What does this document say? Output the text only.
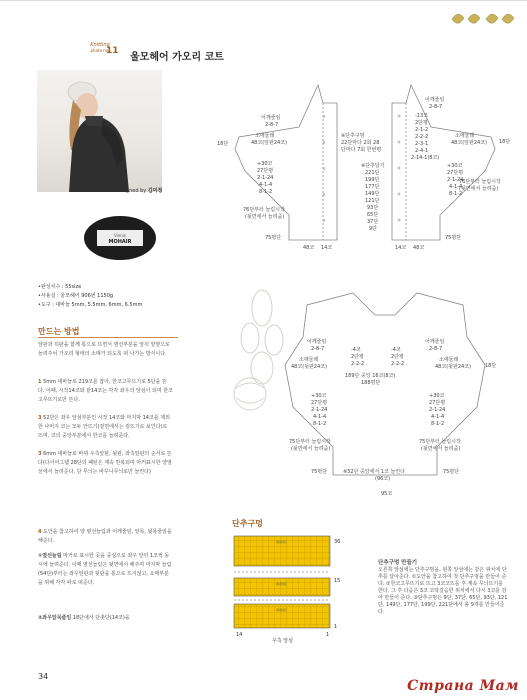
Knitting
photo no.
11
울모헤어 가오리 코트
Designed by 김미정
Vinnis
MOHAIR
•완성치수 : 55size
•사용실 : 울모헤어 906번 1150g
•도구 : 대바늘 5mm, 5.5mm, 6mm, 6.5mm
만드는 방법
앞판과 뒤판을 함께 통으로 뜨면서 옆선부분을 앞뒤 양옆으로 늘려주어 가오리 형태의 소매가 되도록 떠 나가는 방식이다.
1 5mm 대바늘로 219코를 잡아, 한코고무뜨기로 5단을 뜬다. 이때, 시작14코와 끝14코는 각각 좌우의 앞섬이 되며 한코고무뜨기로만 뜬다.
3 52단은 좌우 앞섬부분인 시작 14코와 마지막 14코를 제외한 나머지 코는 모두 안뜨기(겉면에서는 겉뜨기로 보인다)로 뜨며, 코의 중앙부분에서 한코를 늘려준다.
3 6mm 대바늘로 바꿔 우측앞판, 뒷판, 좌측앞판의 순서로 뜬다(다이어그램 28단의 패턴은 계속 반복되며 마커표시한 양옆선에서 늘려준다. 단 무늬는 바꾸니무늬로만 늘린다)
4 도안을 참고하여 양 옆선늘림과 어깨줄임, 앞목, 뒷목줄임을 해준다.
①옆선늘림 마커로 표시한 곳을 중심으로 좌우 앞뒤 1코씩 동시에 늘려준다. 이때 옆선늘림은 뒷면에서 해주며 마지막 늘림(54단)부터는 좌우앞판과 뒷판을 통으로 뜨지않고, 소매부분을 위해 각각 따로 떠준다.
②좌우앞목줄임 18단에서 단춧단(14코)을
어깨줄임
2-8-7
소매둘레
48코(앞판24코)
18단
+30코
27단평
2-1-24
4-1-4
8-1-2
76단부터 늘림시작
(뒷면에서 늘려줌)
75평단
48코 14코
※단추구멍
22단마다 2회 28
단마다 7회 한번평
-13코
2단평
2-1-2
2-2-2
2-3-1
2-4-1
2-14-1(8코)
※단추달기
221단
199단
177단
149단
121단
93단
65단
37단
9단
어깨줄임
2-8-7
소매둘레
48코(앞판24코) 18단
+30코
27단평
2-1-24
4-1-4
8-1-2
76단부터 늘림시작
(뒷면에서 늘려줌)
75평단
14코 48코
어깨줄임
2-8-7	-4코
2단평
2-2-2
-4코
2단평
2-2-2
189단 중앙 16코(8코)
188평단
어깨줄임
2-8-7
소매둘레
48코(뒷판24코)	18단
소매둘레
48코(뒷판24코)
+30코
27단평
2-1-24
4-1-4
8-1-2
+30코
27단평
2-1-24
4-1-4
8-1-2
75단부터 늘림시작
(뒷면에서 늘려줌)
75단부터 늘림시작
(뒷면에서 늘려줌)
75평단	75평단
※52단 중앙에서 1코 늘린다
(96코)
95코
단추구멍
◎◎◎
◎◎◎
◎◎◎
36
15
1
14	1
우측 앞섬
단추구멍 만들기
오른쪽 앞섬에는 단추구멍을, 왼쪽 앞섬에는 같은 위치에 단추를 달아준다. ①도안을 참고하여 첫 단추구멍을 만들어 준다. ②한코고무뜨기로 뜨고 3코코뜨를 후 계속 무늬뜨기를 한다. 그 후 다음은 3코 코탁걸음한 위치에서 다시 3코를 감아 만들어 준다. ③단추구멍은 9단, 37단, 65단, 93단, 121단, 149단, 177단, 199단, 221단에서 총 9개를 만들어준다.
34
Страна Мам
